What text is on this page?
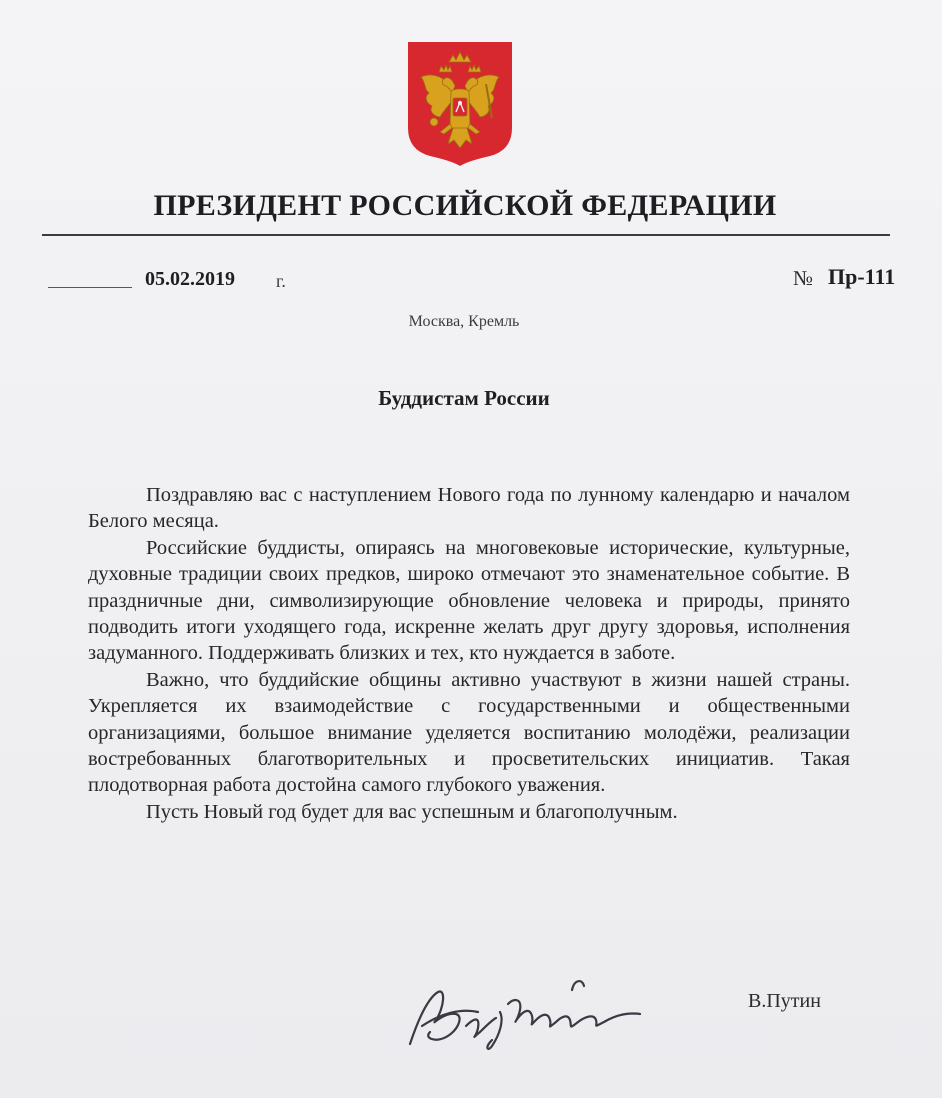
ПРЕЗИДЕНТ РОССИЙСКОЙ ФЕДЕРАЦИИ
05.02.2019 г.	№ Пр-111
Москва, Кремль
Буддистам России

Поздравляю вас с наступлением Нового года по лунному календарю и началом Белого месяца.

Российские буддисты, опираясь на многовековые исторические, культурные, духовные традиции своих предков, широко отмечают это знаменательное событие. В праздничные дни, символизирующие обновление человека и природы, принято подводить итоги уходящего года, искренне желать друг другу здоровья, исполнения задуманного. Поддерживать близких и тех, кто нуждается в заботе.

Важно, что буддийские общины активно участвуют в жизни нашей страны. Укрепляется их взаимодействие с государственными и общественными организациями, большое внимание уделяется воспитанию молодёжи, реализации востребованных благотворительных и просветительских инициатив. Такая плодотворная работа достойна самого глубокого уважения.

Пусть Новый год будет для вас успешным и благополучным.

В.Путин
